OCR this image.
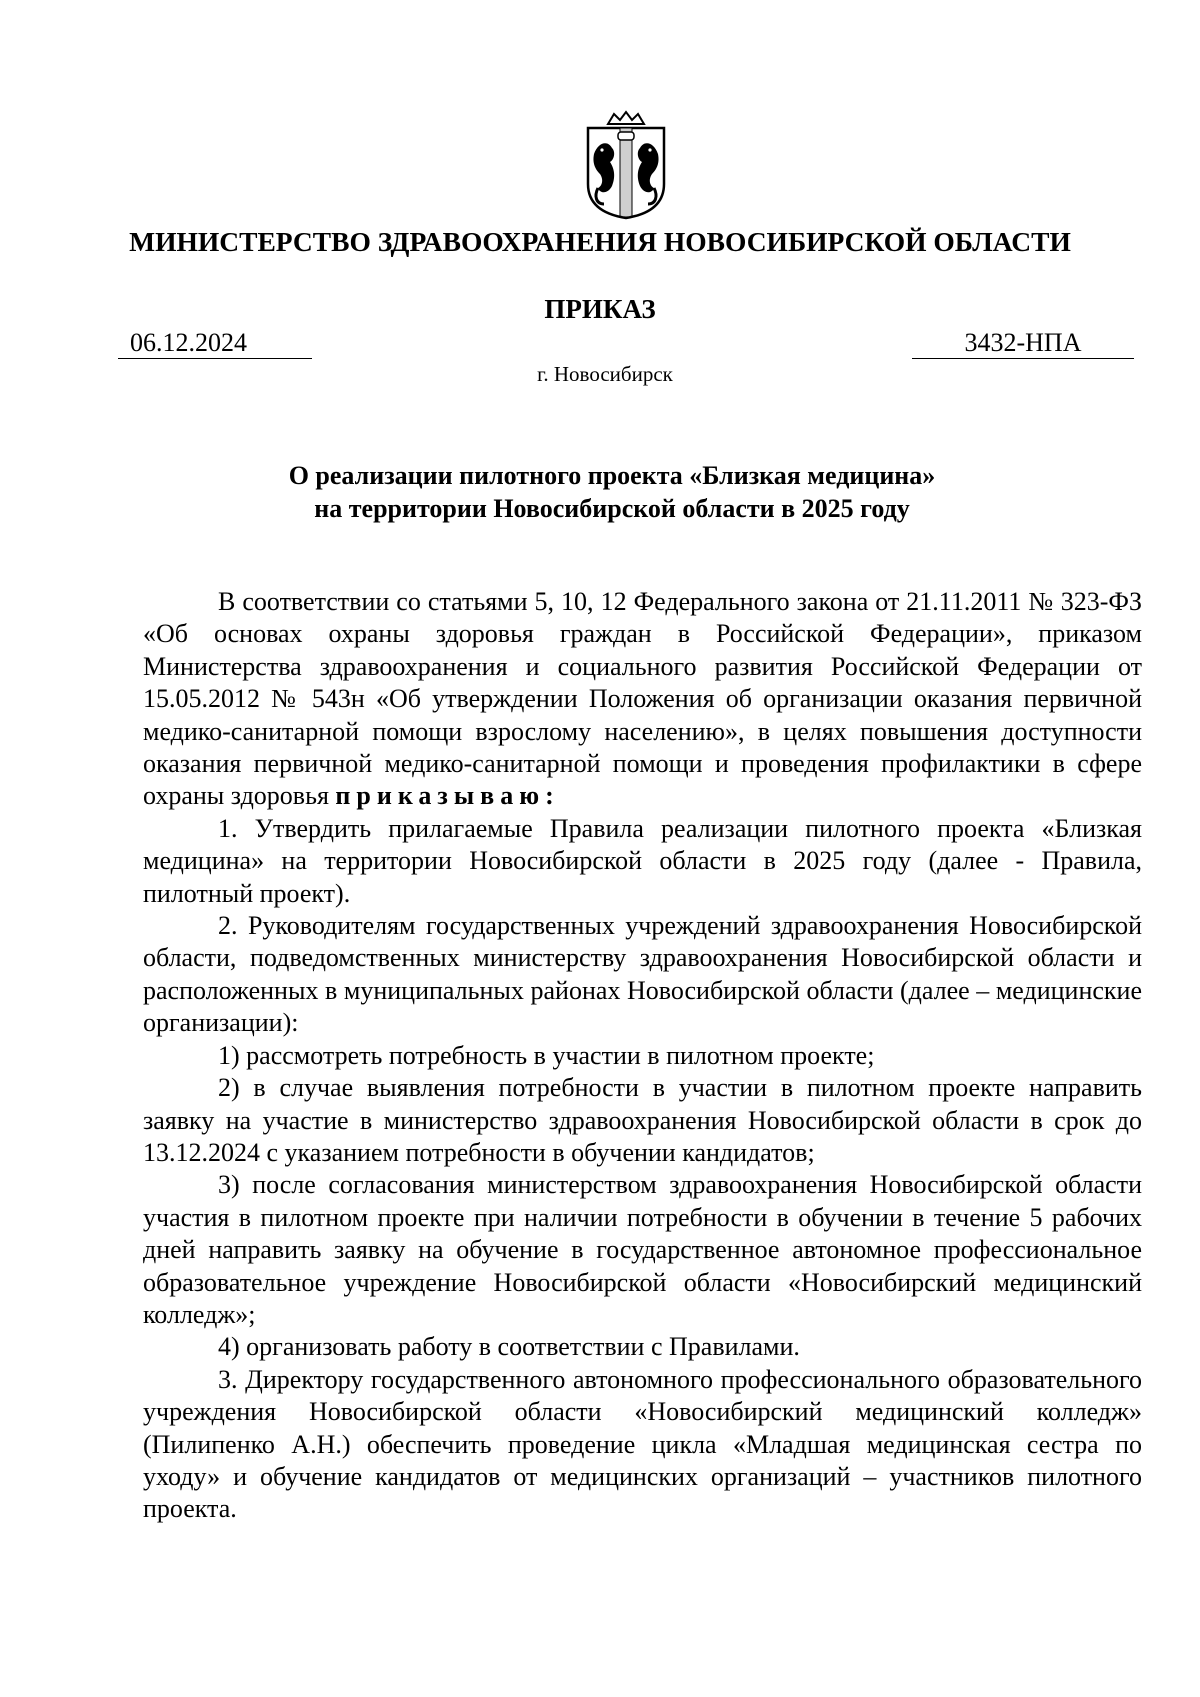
МИНИСТЕРСТВО ЗДРАВООХРАНЕНИЯ НОВОСИБИРСКОЙ ОБЛАСТИ
ПРИКАЗ
06.12.2024	3432-НПА
г. Новосибирск
О реализации пилотного проекта «Близкая медицина»
на территории Новосибирской области в 2025 году

В соответствии со статьями 5, 10, 12 Федерального закона от 21.11.2011 № 323-ФЗ «Об основах охраны здоровья граждан в Российской Федерации», приказом Министерства здравоохранения и социального развития Российской Федерации от 15.05.2012 № 543н «Об утверждении Положения об организации оказания первичной медико-санитарной помощи взрослому населению», в целях повышения доступности оказания первичной медико-санитарной помощи и проведения профилактики в сфере охраны здоровья приказываю:

1. Утвердить прилагаемые Правила реализации пилотного проекта «Близкая медицина» на территории Новосибирской области в 2025 году (далее - Правила, пилотный проект).

2. Руководителям государственных учреждений здравоохранения Новосибирской области, подведомственных министерству здравоохранения Новосибирской области и расположенных в муниципальных районах Новосибирской области (далее – медицинские организации):

1) рассмотреть потребность в участии в пилотном проекте;

2) в случае выявления потребности в участии в пилотном проекте направить заявку на участие в министерство здравоохранения Новосибирской области в срок до 13.12.2024 с указанием потребности в обучении кандидатов;

3) после согласования министерством здравоохранения Новосибирской области участия в пилотном проекте при наличии потребности в обучении в течение 5 рабочих дней направить заявку на обучение в государственное автономное профессиональное образовательное учреждение Новосибирской области «Новосибирский медицинский колледж»;

4) организовать работу в соответствии с Правилами.

3. Директору государственного автономного профессионального образовательного учреждения Новосибирской области «Новосибирский медицинский колледж» (Пилипенко А.Н.) обеспечить проведение цикла «Младшая медицинская сестра по уходу» и обучение кандидатов от медицинских организаций – участников пилотного проекта.
